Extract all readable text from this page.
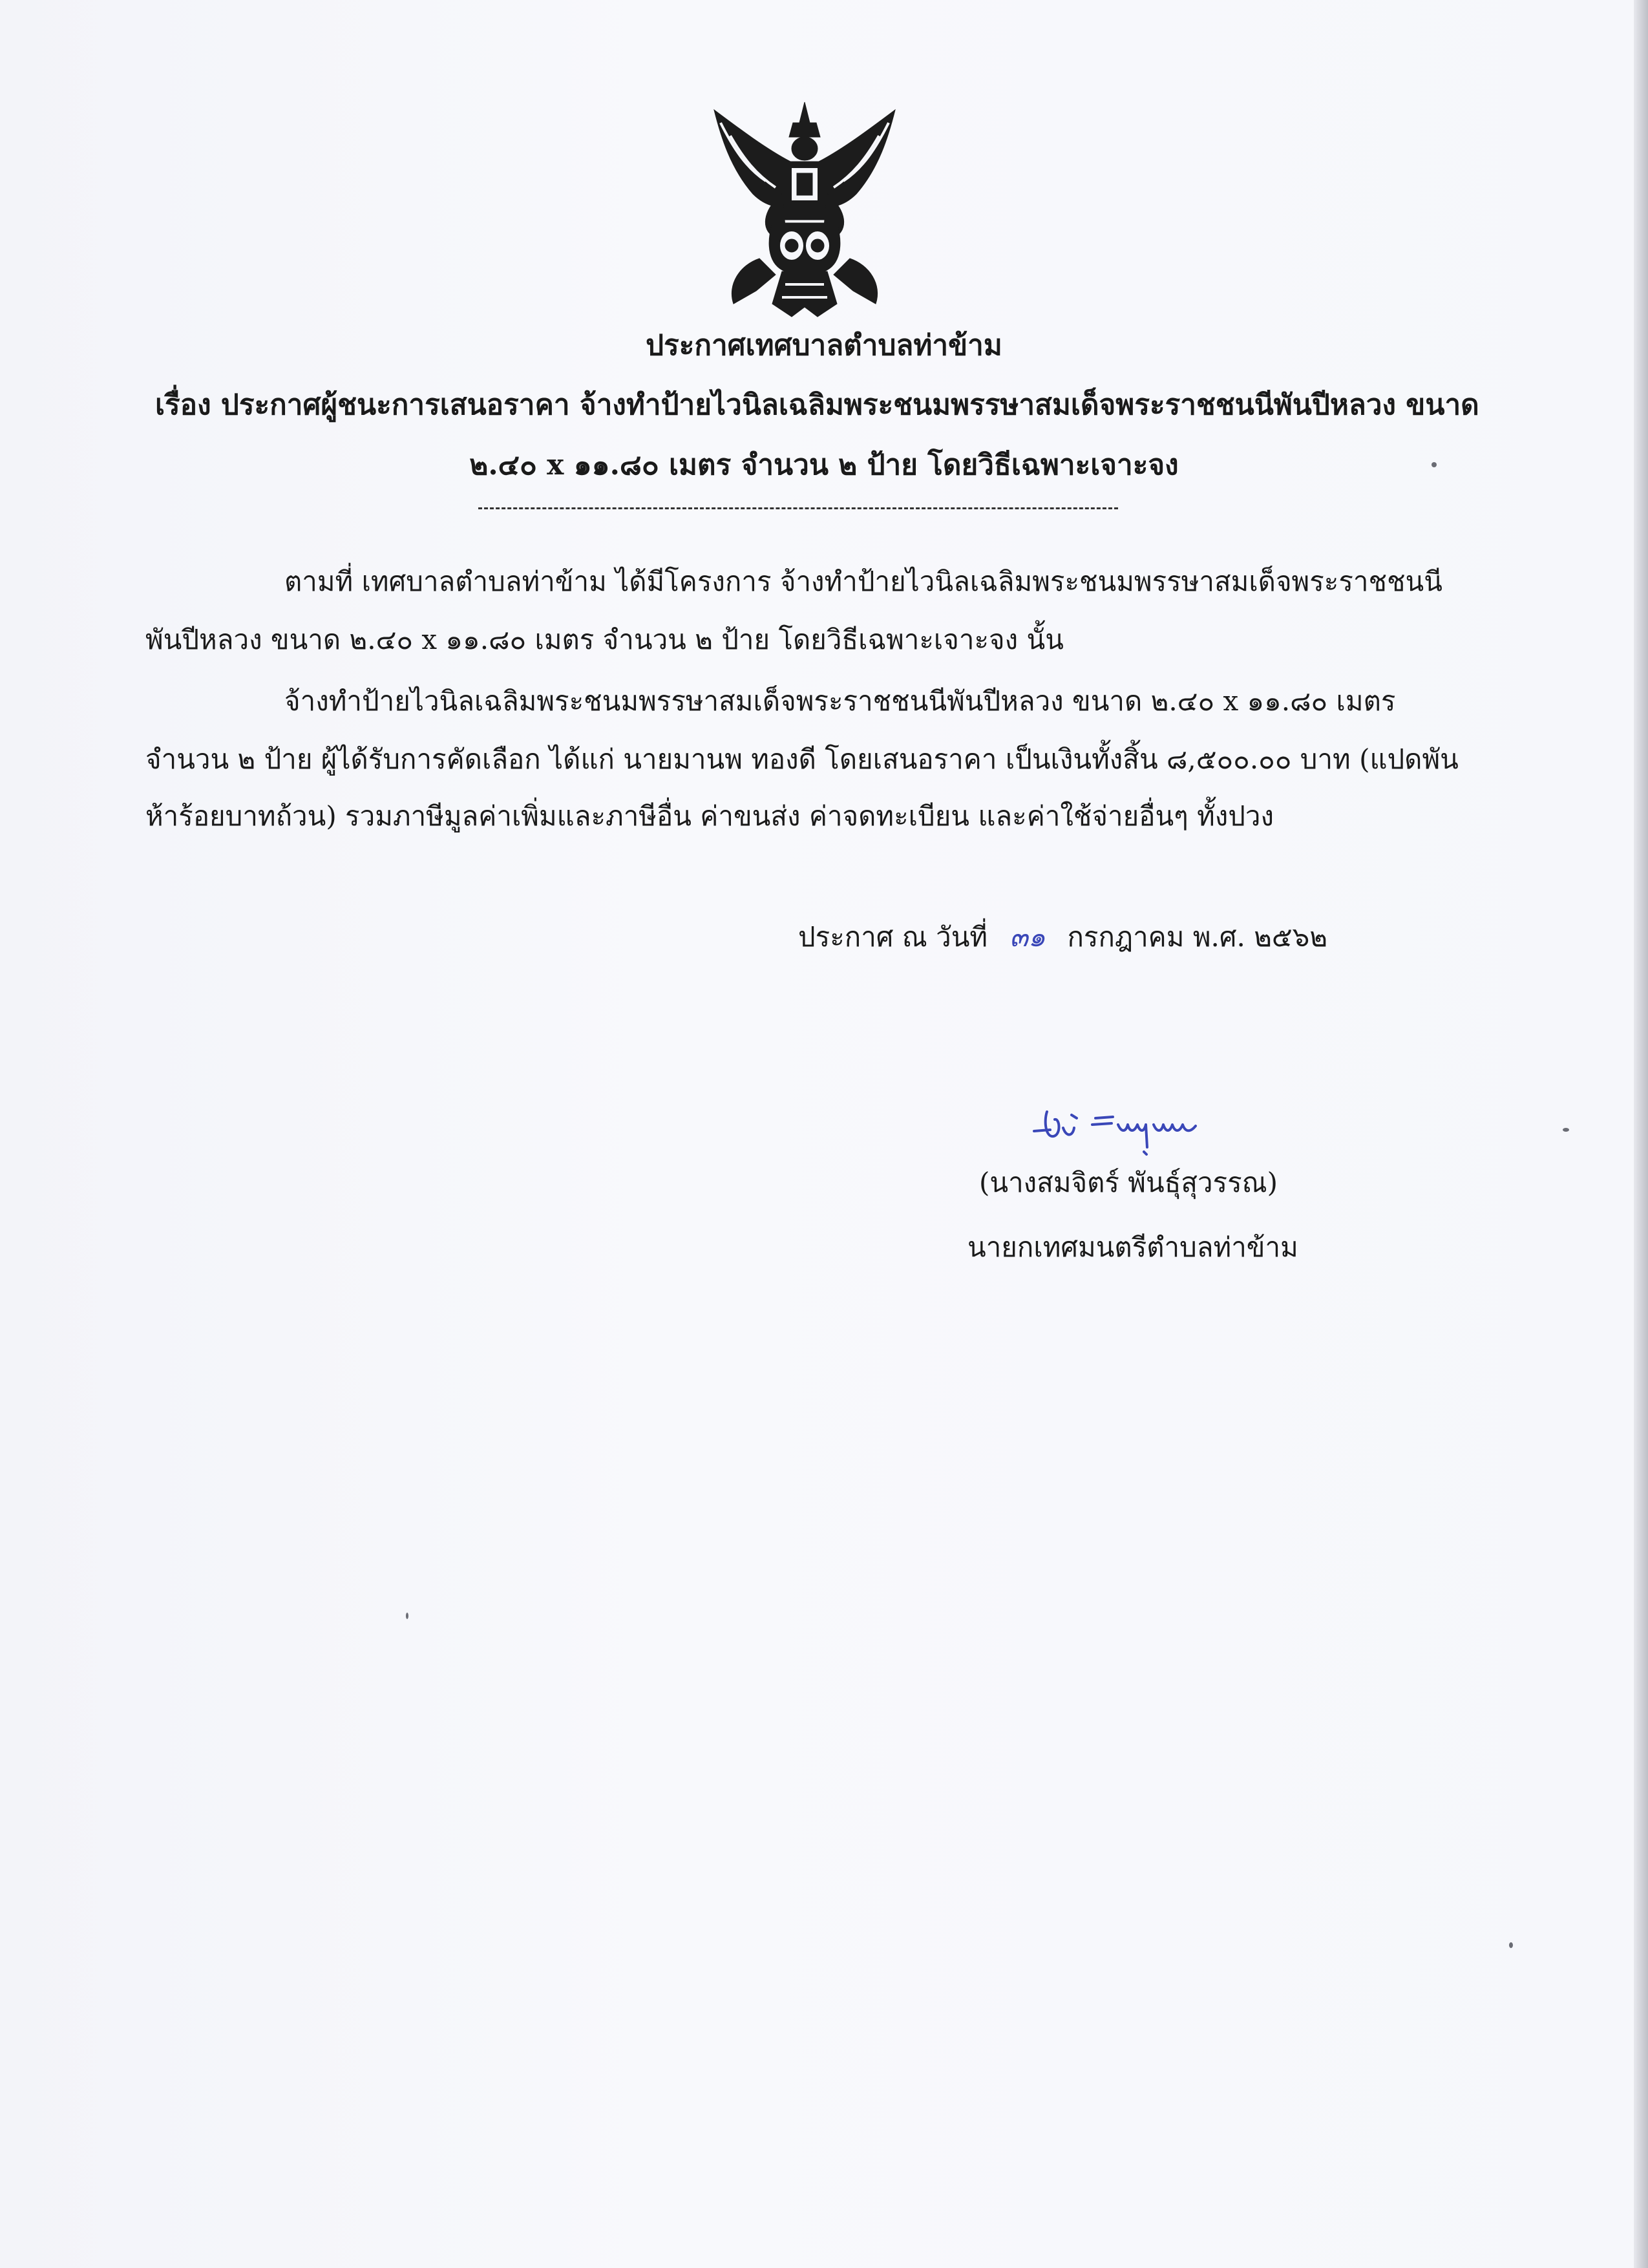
ประกาศเทศบาลตำบลท่าข้าม
เรื่อง ประกาศผู้ชนะการเสนอราคา จ้างทำป้ายไวนิลเฉลิมพระชนมพรรษาสมเด็จพระราชชนนีพันปีหลวง ขนาด
๒.๔๐ x ๑๑.๘๐ เมตร จำนวน ๒ ป้าย โดยวิธีเฉพาะเจาะจง
ตามที่ เทศบาลตำบลท่าข้าม ได้มีโครงการ จ้างทำป้ายไวนิลเฉลิมพระชนมพรรษาสมเด็จพระราชชนนี
พันปีหลวง ขนาด ๒.๔๐ x ๑๑.๘๐ เมตร จำนวน ๒ ป้าย โดยวิธีเฉพาะเจาะจง นั้น
จ้างทำป้ายไวนิลเฉลิมพระชนมพรรษาสมเด็จพระราชชนนีพันปีหลวง ขนาด ๒.๔๐ x ๑๑.๘๐ เมตร
จำนวน ๒ ป้าย ผู้ได้รับการคัดเลือก ได้แก่ นายมานพ ทองดี โดยเสนอราคา เป็นเงินทั้งสิ้น ๘,๕๐๐.๐๐ บาท (แปดพัน
ห้าร้อยบาทถ้วน) รวมภาษีมูลค่าเพิ่มและภาษีอื่น ค่าขนส่ง ค่าจดทะเบียน และค่าใช้จ่ายอื่นๆ ทั้งปวง
ประกาศ ณ วันที่ ๓๑ กรกฎาคม พ.ศ. ๒๕๖๒
(นางสมจิตร์ พันธุ์สุวรรณ)
นายกเทศมนตรีตำบลท่าข้าม
